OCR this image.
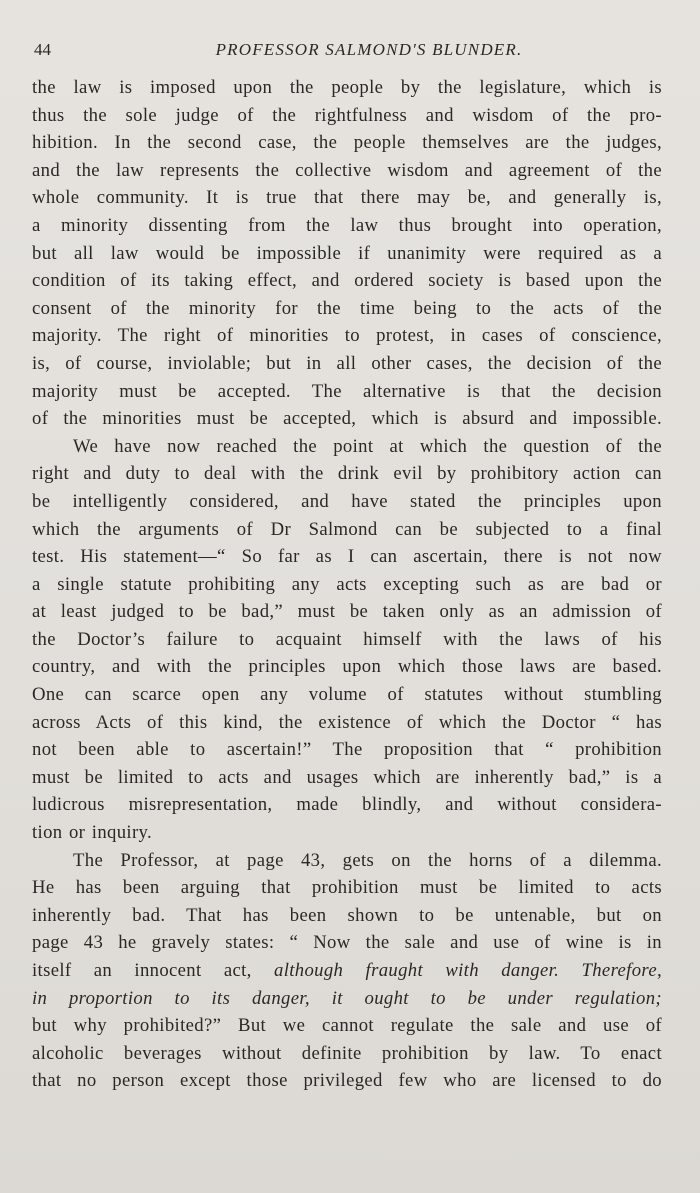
44	PROFESSOR SALMOND'S BLUNDER.
the law is imposed upon the people by the legislature, which is
thus the sole judge of the rightfulness and wisdom of the pro-
hibition. In the second case, the people themselves are the judges,
and the law represents the collective wisdom and agreement of the
whole community. It is true that there may be, and generally is,
a minority dissenting from the law thus brought into operation,
but all law would be impossible if unanimity were required as a
condition of its taking effect, and ordered society is based upon the
consent of the minority for the time being to the acts of the
majority. The right of minorities to protest, in cases of conscience,
is, of course, inviolable; but in all other cases, the decision of the
majority must be accepted. The alternative is that the decision
of the minorities must be accepted, which is absurd and impossible.
We have now reached the point at which the question of the
right and duty to deal with the drink evil by prohibitory action can
be intelligently considered, and have stated the principles upon
which the arguments of Dr Salmond can be subjected to a final
test. His statement—“ So far as I can ascertain, there is not now
a single statute prohibiting any acts excepting such as are bad or
at least judged to be bad,” must be taken only as an admission of
the Doctor’s failure to acquaint himself with the laws of his
country, and with the principles upon which those laws are based.
One can scarce open any volume of statutes without stumbling
across Acts of this kind, the existence of which the Doctor “ has
not been able to ascertain!” The proposition that “ prohibition
must be limited to acts and usages which are inherently bad,” is a
ludicrous misrepresentation, made blindly, and without considera-
tion or inquiry.
The Professor, at page 43, gets on the horns of a dilemma.
He has been arguing that prohibition must be limited to acts
inherently bad. That has been shown to be untenable, but on
page 43 he gravely states: “ Now the sale and use of wine is in
itself an innocent act, although fraught with danger. Therefore,
in proportion to its danger, it ought to be under regulation;
but why prohibited?” But we cannot regulate the sale and use of
alcoholic beverages without definite prohibition by law. To enact
that no person except those privileged few who are licensed to do
